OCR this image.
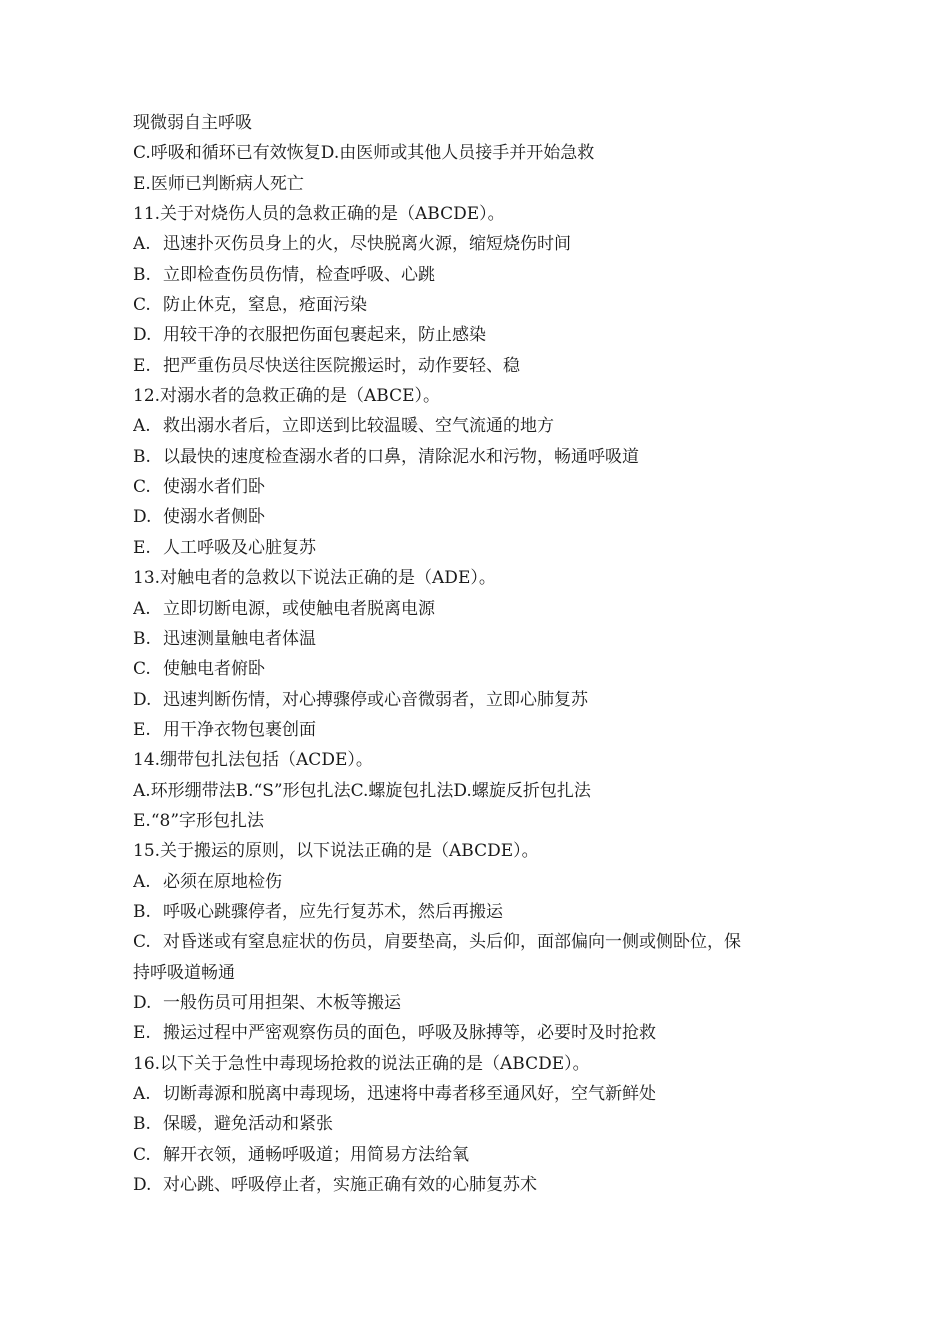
现微弱自主呼吸
C.呼吸和循环已有效恢复D.由医师或其他人员接手并开始急救
E.医师已判断病人死亡
11.关于对烧伤人员的急救正确的是（ABCDE）。
A. 迅速扑灭伤员身上的火，尽快脱离火源，缩短烧伤时间
B. 立即检查伤员伤情，检查呼吸、心跳
C. 防止休克，窒息，疮面污染
D. 用较干净的衣服把伤面包裹起来，防止感染
E. 把严重伤员尽快送往医院搬运时，动作要轻、稳
12.对溺水者的急救正确的是（ABCE）。
A. 救出溺水者后，立即送到比较温暖、空气流通的地方
B. 以最快的速度检查溺水者的口鼻，清除泥水和污物，畅通呼吸道
C. 使溺水者们卧
D. 使溺水者侧卧
E. 人工呼吸及心脏复苏
13.对触电者的急救以下说法正确的是（ADE）。
A. 立即切断电源，或使触电者脱离电源
B. 迅速测量触电者体温
C. 使触电者俯卧
D. 迅速判断伤情，对心搏骤停或心音微弱者，立即心肺复苏
E. 用干净衣物包裹创面
14.绷带包扎法包括（ACDE）。
A.环形绷带法B.“S”形包扎法C.螺旋包扎法D.螺旋反折包扎法
E.“8”字形包扎法
15.关于搬运的原则，以下说法正确的是（ABCDE）。
A. 必须在原地检伤
B. 呼吸心跳骤停者，应先行复苏术，然后再搬运
C. 对昏迷或有窒息症状的伤员，肩要垫高，头后仰，面部偏向一侧或侧卧位，保
持呼吸道畅通
D. 一般伤员可用担架、木板等搬运
E. 搬运过程中严密观察伤员的面色，呼吸及脉搏等，必要时及时抢救
16.以下关于急性中毒现场抢救的说法正确的是（ABCDE）。
A. 切断毒源和脱离中毒现场，迅速将中毒者移至通风好，空气新鲜处
B. 保暖，避免活动和紧张
C. 解开衣领，通畅呼吸道；用简易方法给氧
D. 对心跳、呼吸停止者，实施正确有效的心肺复苏术
